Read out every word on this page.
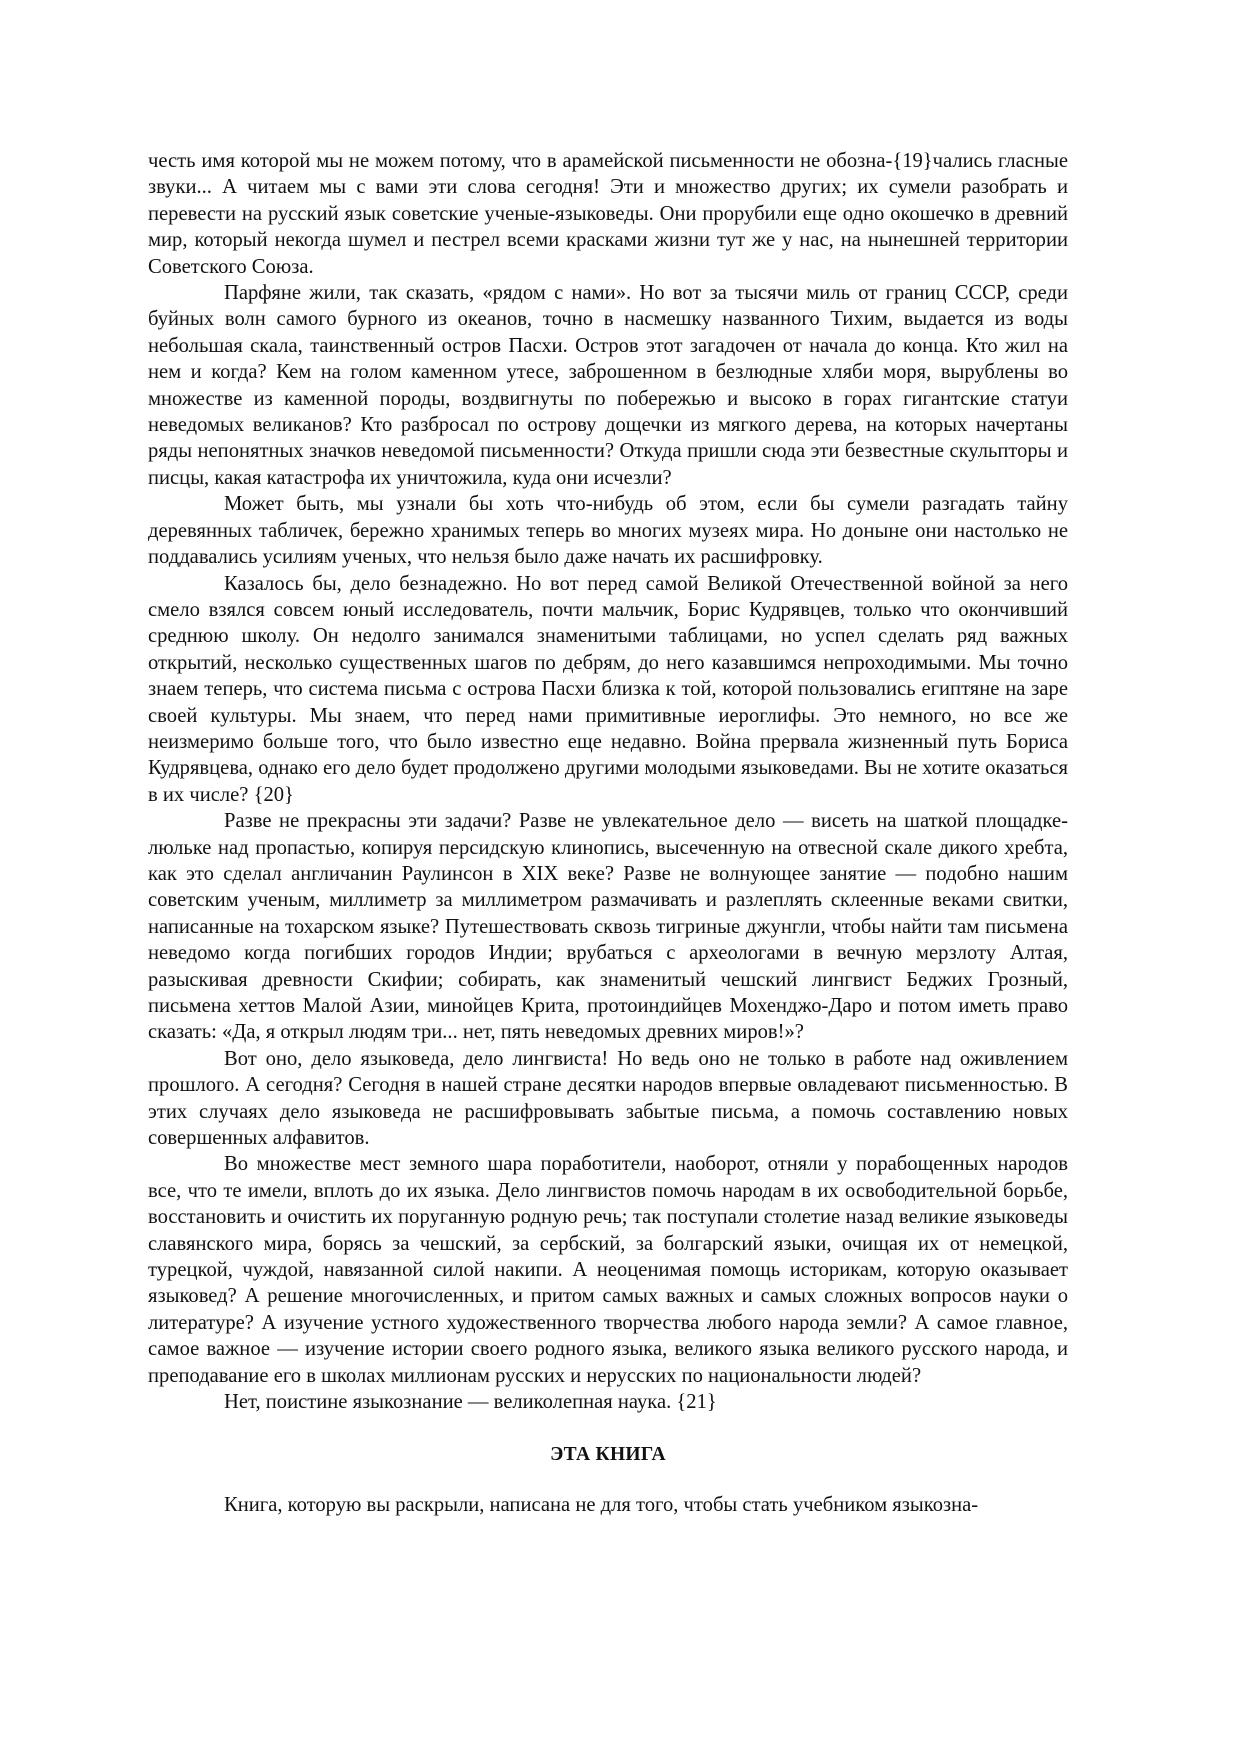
честь имя которой мы не можем потому, что в арамейской письменности не обозна-{19}чались гласные звуки... А читаем мы с вами эти слова сегодня! Эти и множество других; их сумели разобрать и перевести на русский язык советские ученые-языковеды. Они прорубили еще одно окошечко в древний мир, который некогда шумел и пестрел всеми красками жизни тут же у нас, на нынешней территории Советского Союза.

Парфяне жили, так сказать, «рядом с нами». Но вот за тысячи миль от границ СССР, среди буйных волн самого бурного из океанов, точно в насмешку названного Тихим, выдается из воды небольшая скала, таинственный остров Пасхи. Остров этот загадочен от начала до конца. Кто жил на нем и когда? Кем на голом каменном утесе, заброшенном в безлюдные хляби моря, вырублены во множестве из каменной породы, воздвигнуты по побережью и высоко в горах гигантские статуи неведомых великанов? Кто разбросал по острову дощечки из мягкого дерева, на которых начертаны ряды непонятных значков неведомой письменности? Откуда пришли сюда эти безвестные скульпторы и писцы, какая катастрофа их уничтожила, куда они исчезли?

Может быть, мы узнали бы хоть что-нибудь об этом, если бы сумели разгадать тайну деревянных табличек, бережно хранимых теперь во многих музеях мира. Но доныне они настолько не поддавались усилиям ученых, что нельзя было даже начать их расшифровку.

Казалось бы, дело безнадежно. Но вот перед самой Великой Отечественной войной за него смело взялся совсем юный исследователь, почти мальчик, Борис Кудрявцев, только что окончивший среднюю школу. Он недолго занимался знаменитыми таблицами, но успел сделать ряд важных открытий, несколько существенных шагов по дебрям, до него казавшимся непроходимыми. Мы точно знаем теперь, что система письма с острова Пасхи близка к той, которой пользовались египтяне на заре своей культуры. Мы знаем, что перед нами примитивные иероглифы. Это немного, но все же неизмеримо больше того, что было известно еще недавно. Война прервала жизненный путь Бориса Кудрявцева, однако его дело будет продолжено другими молодыми языковедами. Вы не хотите оказаться в их числе? {20}

Разве не прекрасны эти задачи? Разве не увлекательное дело — висеть на шаткой площадке-люльке над пропастью, копируя персидскую клинопись, высеченную на отвесной скале дикого хребта, как это сделал англичанин Раулинсон в XIX веке? Разве не волнующее занятие — подобно нашим советским ученым, миллиметр за миллиметром размачивать и разлеплять склеенные веками свитки, написанные на тохарском языке? Путешествовать сквозь тигриные джунгли, чтобы найти там письмена неведомо когда погибших городов Индии; врубаться с археологами в вечную мерзлоту Алтая, разыскивая древности Скифии; собирать, как знаменитый чешский лингвист Беджих Грозный, письмена хеттов Малой Азии, минойцев Крита, протоиндийцев Мохенджо-Даро и потом иметь право сказать: «Да, я открыл людям три... нет, пять неведомых древних миров!»?

Вот оно, дело языковеда, дело лингвиста! Но ведь оно не только в работе над оживлением прошлого. А сегодня? Сегодня в нашей стране десятки народов впервые овладевают письменностью. В этих случаях дело языковеда не расшифровывать забытые письма, а помочь составлению новых совершенных алфавитов.

Во множестве мест земного шара поработители, наоборот, отняли у порабощенных народов все, что те имели, вплоть до их языка. Дело лингвистов помочь народам в их освободительной борьбе, восстановить и очистить их поруганную родную речь; так поступали столетие назад великие языковеды славянского мира, борясь за чешский, за сербский, за болгарский языки, очищая их от немецкой, турецкой, чуждой, навязанной силой накипи. А неоценимая помощь историкам, которую оказывает языковед? А решение многочисленных, и притом самых важных и самых сложных вопросов науки о литературе? А изучение устного художественного творчества любого народа земли? А самое главное, самое важное — изучение истории своего родного языка, великого языка великого русского народа, и преподавание его в школах миллионам русских и нерусских по национальности людей?

Нет, поистине языкознание — великолепная наука. {21}

ЭТА КНИГА

Книга, которую вы раскрыли, написана не для того, чтобы стать учебником языкозна-
